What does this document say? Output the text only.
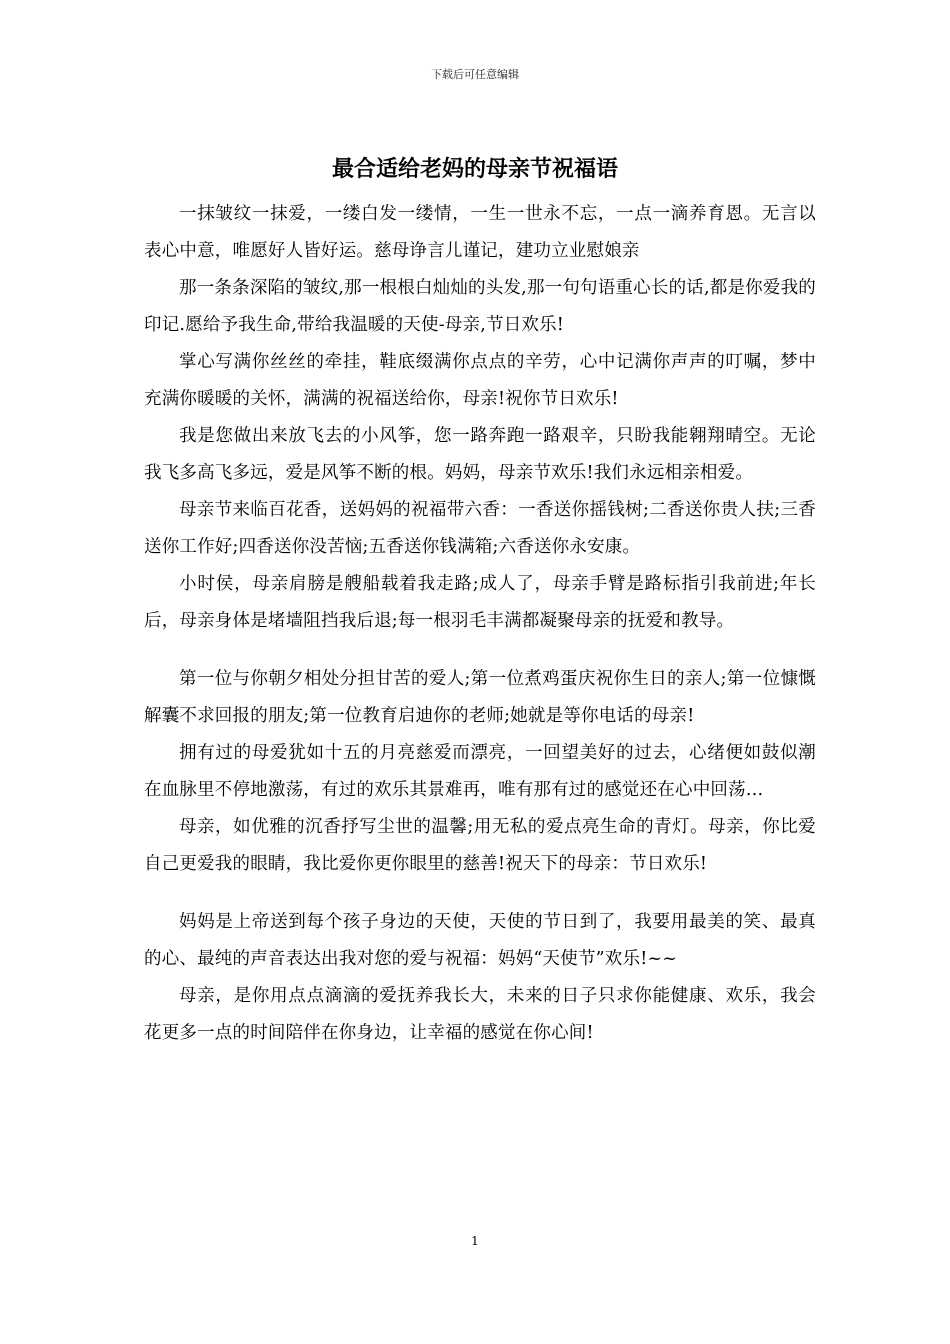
下载后可任意编辑
最合适给老妈的母亲节祝福语

一抹皱纹一抹爱，一缕白发一缕情，一生一世永不忘，一点一滴养育恩。无言以表心中意，唯愿好人皆好运。慈母诤言儿谨记，建功立业慰娘亲

那一条条深陷的皱纹,那一根根白灿灿的头发,那一句句语重心长的话,都是你爱我的印记.愿给予我生命,带给我温暖的天使-母亲,节日欢乐!

掌心写满你丝丝的牵挂，鞋底缀满你点点的辛劳，心中记满你声声的叮嘱，梦中充满你暖暖的关怀，满满的祝福送给你，母亲!祝你节日欢乐!

我是您做出来放飞去的小风筝，您一路奔跑一路艰辛，只盼我能翱翔晴空。无论我飞多高飞多远，爱是风筝不断的根。妈妈，母亲节欢乐!我们永远相亲相爱。

母亲节来临百花香，送妈妈的祝福带六香：一香送你摇钱树;二香送你贵人扶;三香送你工作好;四香送你没苦恼;五香送你钱满箱;六香送你永安康。

小时侯，母亲肩膀是艘船载着我走路;成人了，母亲手臂是路标指引我前进;年长后，母亲身体是堵墙阻挡我后退;每一根羽毛丰满都凝聚母亲的抚爱和教导。

第一位与你朝夕相处分担甘苦的爱人;第一位煮鸡蛋庆祝你生日的亲人;第一位慷慨解囊不求回报的朋友;第一位教育启迪你的老师;她就是等你电话的母亲!

拥有过的母爱犹如十五的月亮慈爱而漂亮，一回望美好的过去，心绪便如鼓似潮在血脉里不停地激荡，有过的欢乐其景难再，唯有那有过的感觉还在心中回荡…

母亲，如优雅的沉香抒写尘世的温馨;用无私的爱点亮生命的青灯。母亲，你比爱自己更爱我的眼睛，我比爱你更你眼里的慈善!祝天下的母亲：节日欢乐!

妈妈是上帝送到每个孩子身边的天使，天使的节日到了，我要用最美的笑、最真的心、最纯的声音表达出我对您的爱与祝福：妈妈“天使节”欢乐!~~

母亲，是你用点点滴滴的爱抚养我长大，未来的日子只求你能健康、欢乐，我会花更多一点的时间陪伴在你身边，让幸福的感觉在你心间!

1
